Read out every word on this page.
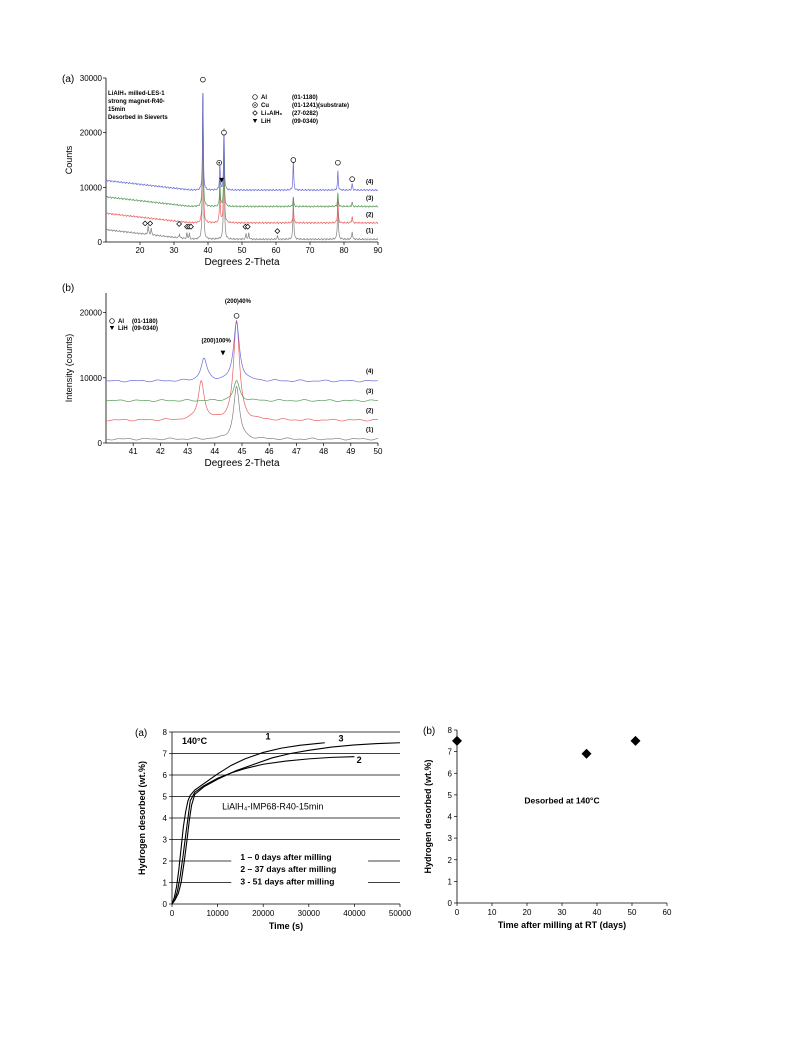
(a)
LiAlH₄ milled-LES-1
strong magnet-R40-
15min
Desorbed in Sieverts
Al	(01-1180)
Cu	(01-1241)(substrate)
Li₃AlH₆ (27-0282)
LiH	(09-0340)
20	30	40	50	60	70	80	90
0
10000
20000
30000
Degrees 2-Theta
Counts
(1)
(2)
(3)
(4)
(b)
Al (01-1180)
LiH (09-0340)
41 42 43 44 45 46 47 48 49 50
0
10000
20000
Degrees 2-Theta
Intensity (counts)
(1)
(2)
(3)
(4)
(200)40%
(200)100%
(a)
0
1
2
3
4
5
6
7
8
0	10000	20000	30000	40000	50000
Time (s)
Hydrogen desorbed (wt.%)
1
2
3
140°C
LiAlH₄-IMP68-R40-15min
1 – 0 days after milling
2 – 37 days after milling
3 - 51 days after milling
(b)
0
1
2
3
4
5
6
7
8
0	10	20	30	40	50	60
Time after milling at RT (days)
Hydrogen desorbed (wt.%)	Desorbed at 140°C
